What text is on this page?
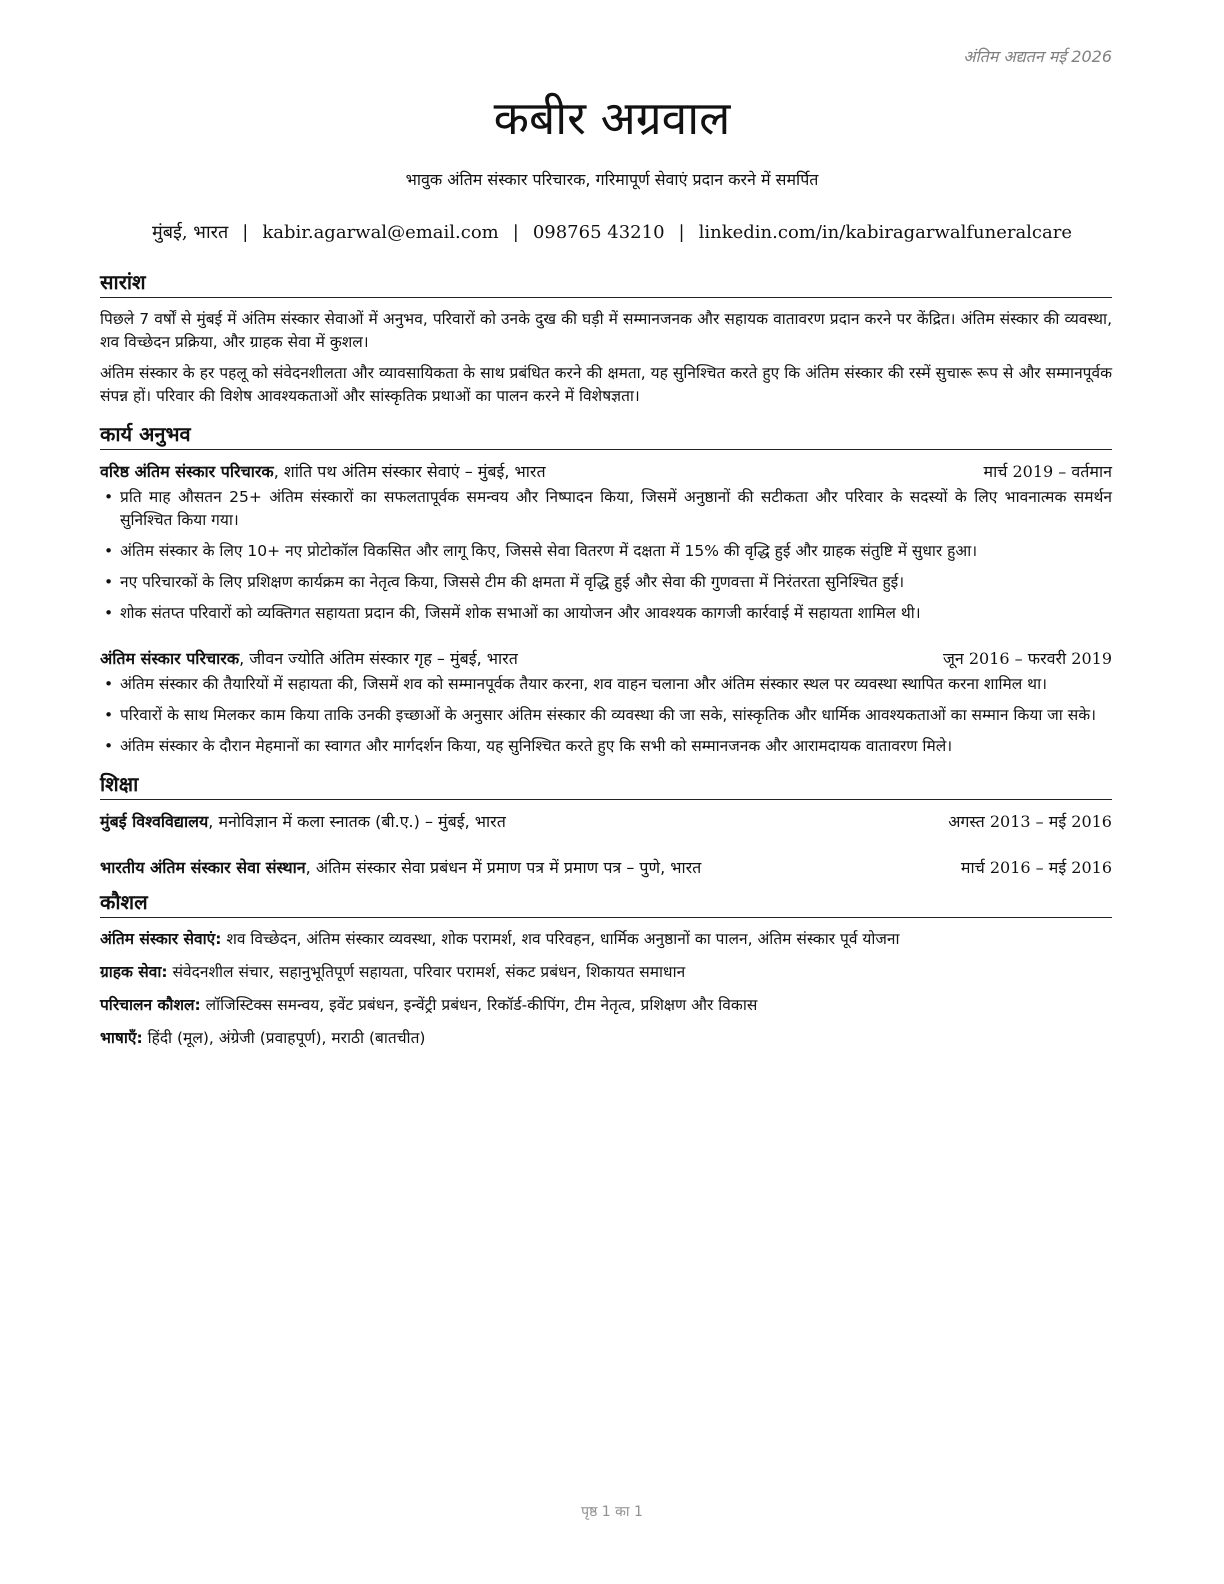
अंतिम अद्यतन मई 2026
कबीर अग्रवाल
भावुक अंतिम संस्कार परिचारक, गरिमापूर्ण सेवाएं प्रदान करने में समर्पित
मुंबई, भारत | kabir.agarwal@email.com | 098765 43210 | linkedin.com/in/kabiragarwalfuneralcare
सारांश

पिछले 7 वर्षों से मुंबई में अंतिम संस्कार सेवाओं में अनुभव, परिवारों को उनके दुख की घड़ी में सम्मानजनक और सहायक वातावरण प्रदान करने पर केंद्रित। अंतिम संस्कार की व्यवस्था, शव विच्छेदन प्रक्रिया, और ग्राहक सेवा में कुशल।

अंतिम संस्कार के हर पहलू को संवेदनशीलता और व्यावसायिकता के साथ प्रबंधित करने की क्षमता, यह सुनिश्चित करते हुए कि अंतिम संस्कार की रस्में सुचारू रूप से और सम्मानपूर्वक संपन्न हों। परिवार की विशेष आवश्यकताओं और सांस्कृतिक प्रथाओं का पालन करने में विशेषज्ञता।

कार्य अनुभव
वरिष्ठ अंतिम संस्कार परिचारक, शांति पथ अंतिम संस्कार सेवाएं – मुंबई, भारत	मार्च 2019 – वर्तमान
• प्रति माह औसतन 25+ अंतिम संस्कारों का सफलतापूर्वक समन्वय और निष्पादन किया, जिसमें अनुष्ठानों की सटीकता और परिवार के सदस्यों के लिए भावनात्मक समर्थन सुनिश्चित किया गया।
• अंतिम संस्कार के लिए 10+ नए प्रोटोकॉल विकसित और लागू किए, जिससे सेवा वितरण में दक्षता में 15% की वृद्धि हुई और ग्राहक संतुष्टि में सुधार हुआ।
• नए परिचारकों के लिए प्रशिक्षण कार्यक्रम का नेतृत्व किया, जिससे टीम की क्षमता में वृद्धि हुई और सेवा की गुणवत्ता में निरंतरता सुनिश्चित हुई।
• शोक संतप्त परिवारों को व्यक्तिगत सहायता प्रदान की, जिसमें शोक सभाओं का आयोजन और आवश्यक कागजी कार्रवाई में सहायता शामिल थी।
अंतिम संस्कार परिचारक, जीवन ज्योति अंतिम संस्कार गृह – मुंबई, भारत	जून 2016 – फरवरी 2019
• अंतिम संस्कार की तैयारियों में सहायता की, जिसमें शव को सम्मानपूर्वक तैयार करना, शव वाहन चलाना और अंतिम संस्कार स्थल पर व्यवस्था स्थापित करना शामिल था।
• परिवारों के साथ मिलकर काम किया ताकि उनकी इच्छाओं के अनुसार अंतिम संस्कार की व्यवस्था की जा सके, सांस्कृतिक और धार्मिक आवश्यकताओं का सम्मान किया जा सके।
• अंतिम संस्कार के दौरान मेहमानों का स्वागत और मार्गदर्शन किया, यह सुनिश्चित करते हुए कि सभी को सम्मानजनक और आरामदायक वातावरण मिले।
शिक्षा
मुंबई विश्वविद्यालय, मनोविज्ञान में कला स्नातक (बी.ए.) – मुंबई, भारत	अगस्त 2013 – मई 2016
भारतीय अंतिम संस्कार सेवा संस्थान, अंतिम संस्कार सेवा प्रबंधन में प्रमाण पत्र में प्रमाण पत्र – पुणे, भारत	मार्च 2016 – मई 2016
कौशल
अंतिम संस्कार सेवाएं: शव विच्छेदन, अंतिम संस्कार व्यवस्था, शोक परामर्श, शव परिवहन, धार्मिक अनुष्ठानों का पालन, अंतिम संस्कार पूर्व योजना
ग्राहक सेवा: संवेदनशील संचार, सहानुभूतिपूर्ण सहायता, परिवार परामर्श, संकट प्रबंधन, शिकायत समाधान
परिचालन कौशल: लॉजिस्टिक्स समन्वय, इवेंट प्रबंधन, इन्वेंट्री प्रबंधन, रिकॉर्ड-कीपिंग, टीम नेतृत्व, प्रशिक्षण और विकास
भाषाएँ: हिंदी (मूल), अंग्रेजी (प्रवाहपूर्ण), मराठी (बातचीत)
पृष्ठ 1 का 1
